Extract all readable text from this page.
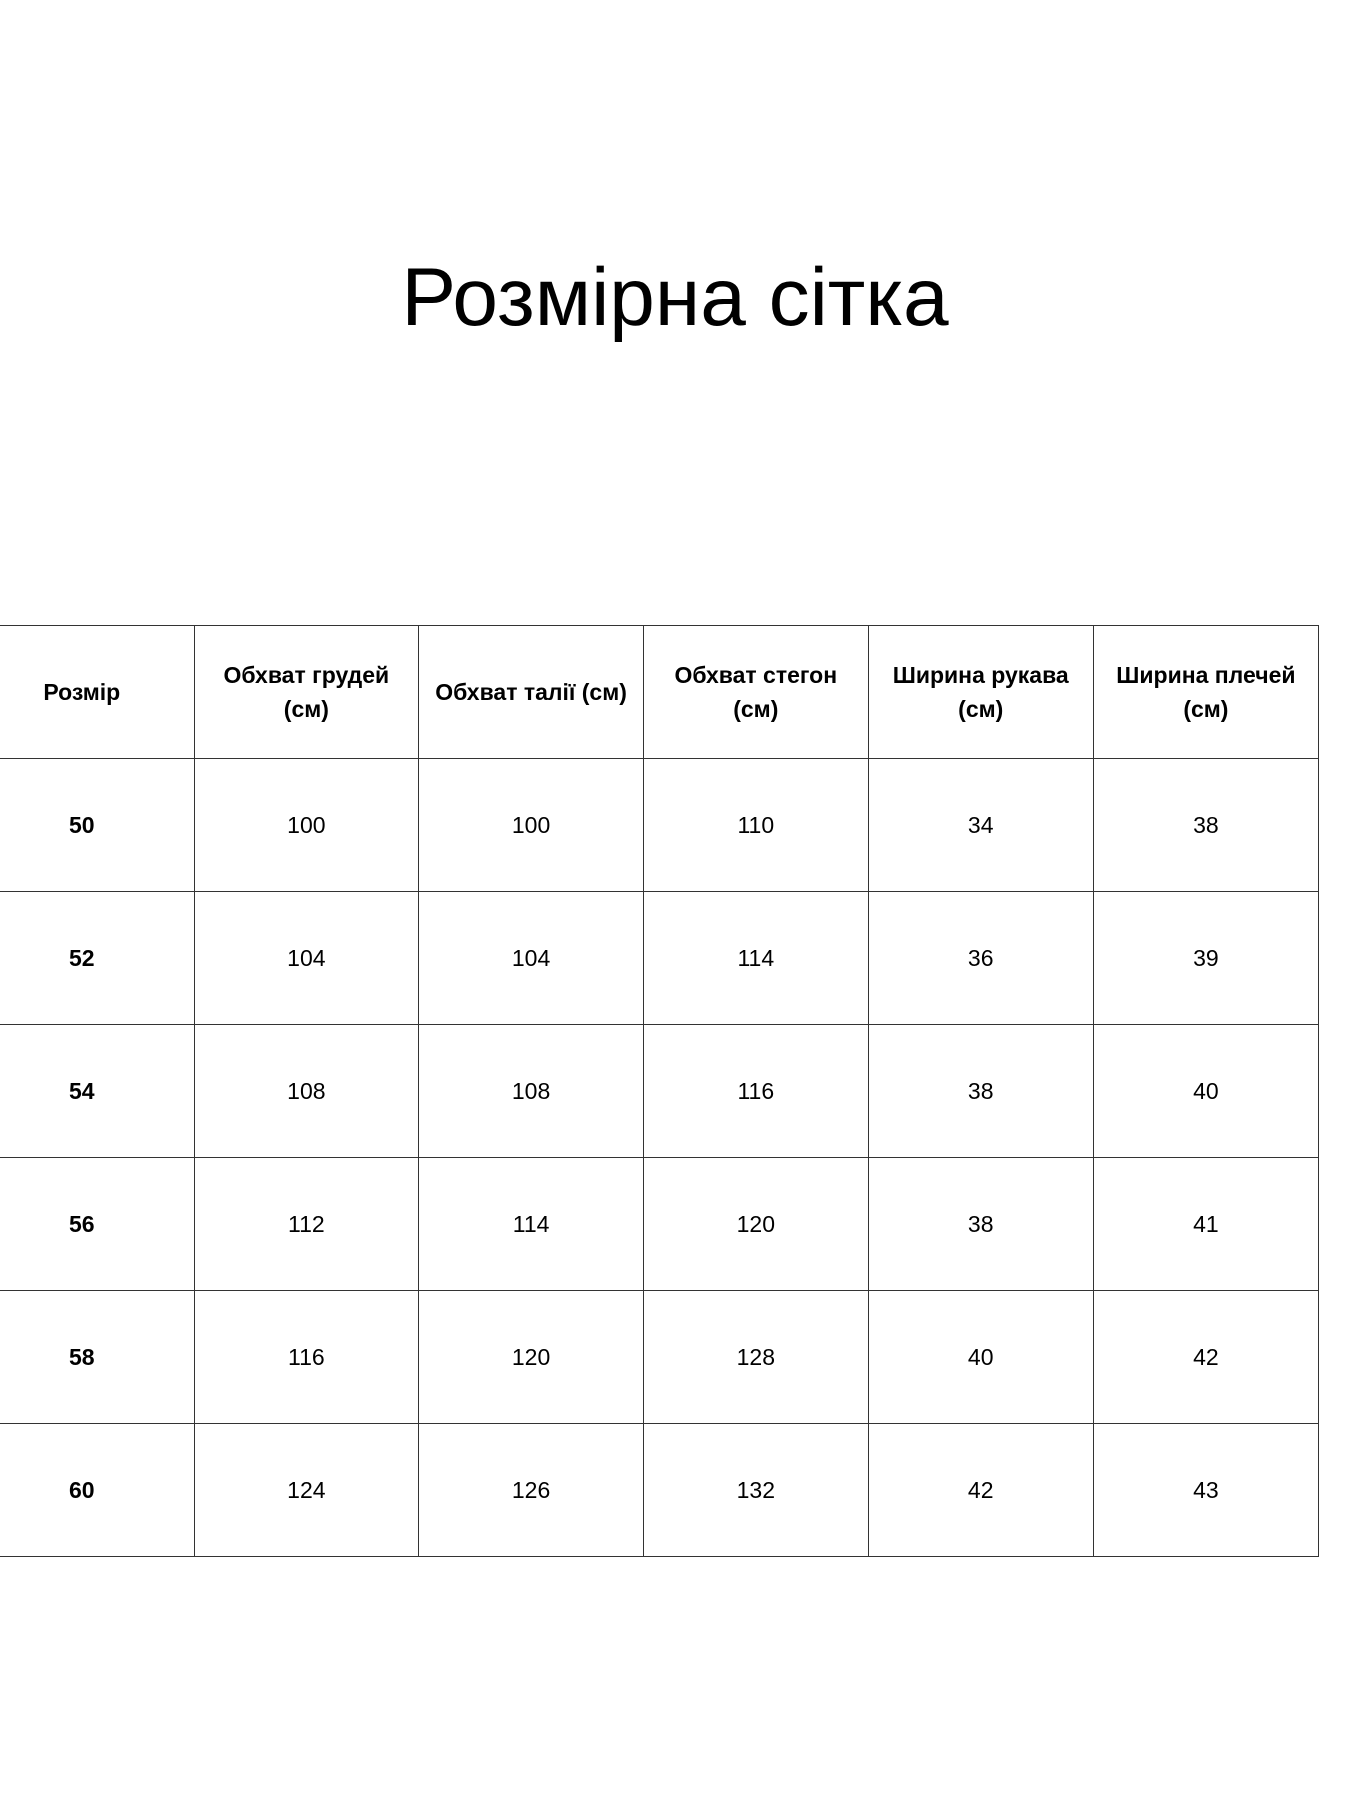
Розмірна сітка
Розмір	Обхват грудей (см)	Обхват талії (см)	Обхват стегон (см)	Ширина рукава (см)	Ширина плечей (см)
50	100	100	110	34	38
52	104	104	114	36	39
54	108	108	116	38	40
56	112	114	120	38	41
58	116	120	128	40	42
60	124	126	132	42	43
